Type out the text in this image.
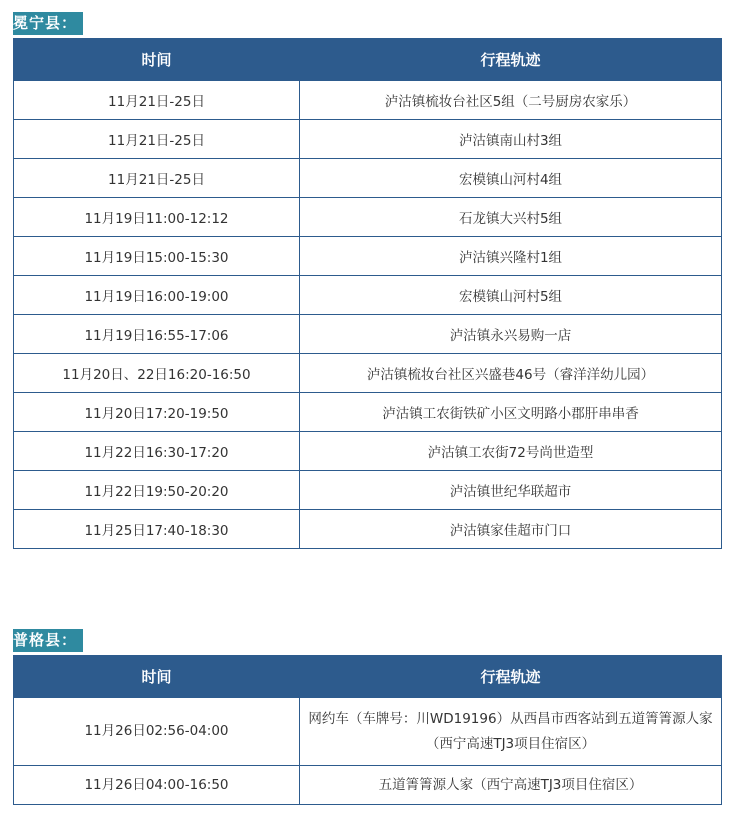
冕宁县：
时间	行程轨迹
11月21日-25日	泸沽镇梳妆台社区5组（二号厨房农家乐）
11月21日-25日	泸沽镇南山村3组
11月21日-25日	宏模镇山河村4组
11月19日11:00-12:12	石龙镇大兴村5组
11月19日15:00-15:30	泸沽镇兴隆村1组
11月19日16:00-19:00	宏模镇山河村5组
11月19日16:55-17:06	泸沽镇永兴易购一店
11月20日、22日16:20-16:50	泸沽镇梳妆台社区兴盛巷46号（睿洋洋幼儿园）
11月20日17:20-19:50	泸沽镇工农街铁矿小区文明路小郡肝串串香
11月22日16:30-17:20	泸沽镇工农街72号尚世造型
11月22日19:50-20:20	泸沽镇世纪华联超市
11月25日17:40-18:30	泸沽镇家佳超市门口
普格县：
时间	行程轨迹
11月26日02:56-04:00	网约车（车牌号：川WD19196）从西昌市西客站到五道箐箐源人家（西宁高速TJ3项目住宿区）
11月26日04:00-16:50	五道箐箐源人家（西宁高速TJ3项目住宿区）
